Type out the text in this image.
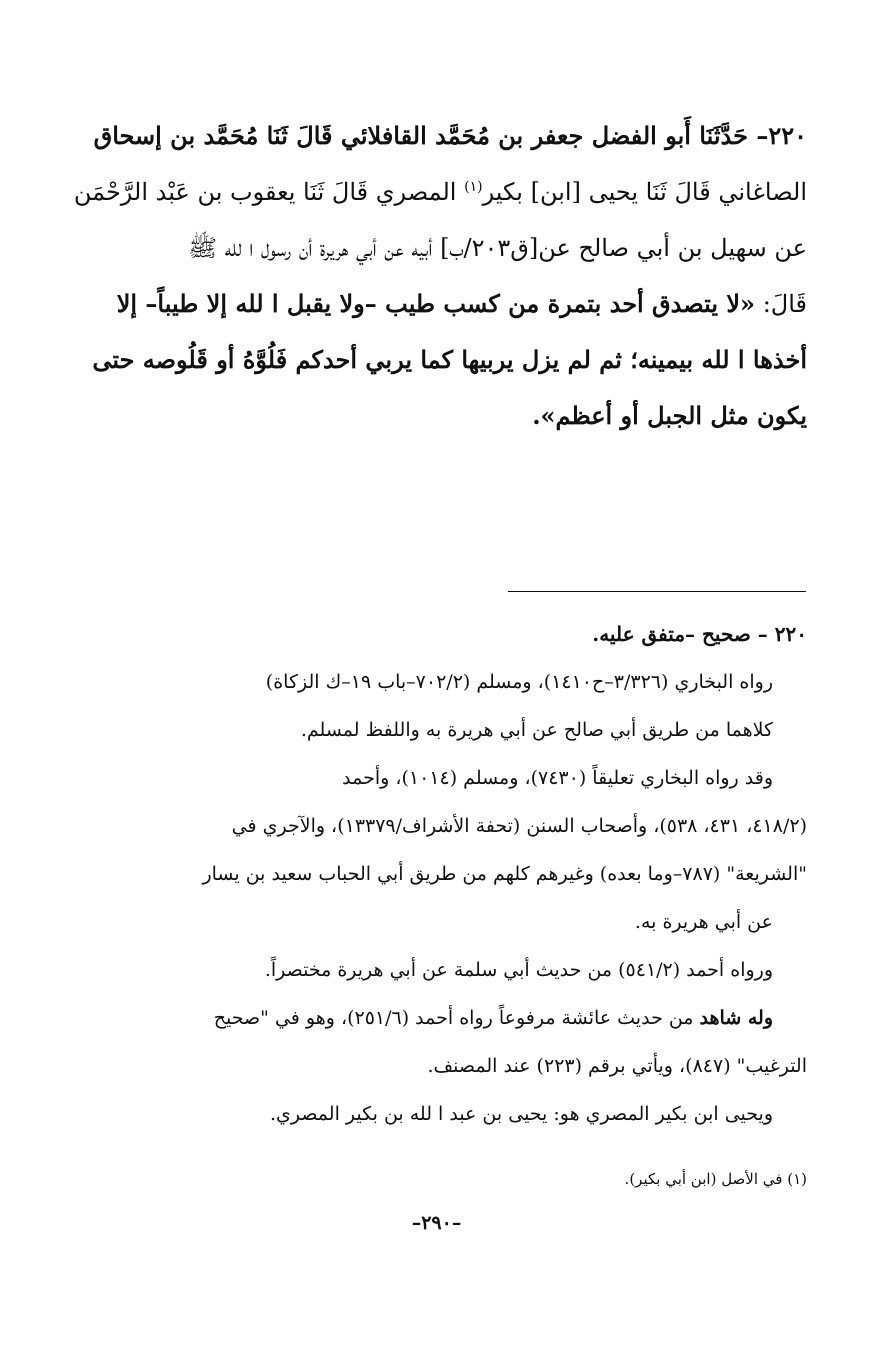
٢٢٠– حَدَّثَنَا أَبو الفضل جعفر بن مُحَمَّد القافلائي قَالَ ثَنَا مُحَمَّد بن إسحاق
الصاغاني قَالَ ثَنَا يحيى [ابن] بكير$^{(١)}$ المصري قَالَ ثَنَا يعقوب بن عَبْد الرَّحْمَن
عن سهيل بن أبي صالح عن[ق٢٠٣/ب] أبيه عن أبي هريرة أن رسول ا لله ﷺ
قَالَ: «لا يتصدق أحد بتمرة من كسب طيب –ولا يقبل ا لله إلا طيباً– إلا
أخذها ا لله بيمينه؛ ثم لم يزل يربيها كما يربي أحدكم فَلُوَّهُ أو قَلُوصه حتى
يكون مثل الجبل أو أعظم».
٢٢٠ – صحيح –متفق عليه.
رواه البخاري (٣/٣٢٦–ح١٤١٠)، ومسلم (٧٠٢/٢–باب ١٩–ك الزكاة)
كلاهما من طريق أبي صالح عن أبي هريرة به واللفظ لمسلم.
وقد رواه البخاري تعليقاً (٧٤٣٠)، ومسلم (١٠١٤)، وأحمد
(٤١٨/٢، ٤٣١، ٥٣٨)، وأصحاب السنن (تحفة الأشراف/١٣٣٧٩)، والآجري في
"الشريعة" (٧٨٧–وما بعده) وغيرهم كلهم من طريق أبي الحباب سعيد بن يسار
عن أبي هريرة به.
ورواه أحمد (٥٤١/٢) من حديث أبي سلمة عن أبي هريرة مختصراً.
وله شاهد من حديث عائشة مرفوعاً رواه أحمد (٢٥١/٦)، وهو في "صحيح
الترغيب" (٨٤٧)، ويأتي برقم (٢٢٣) عند المصنف.
ويحيى ابن بكير المصري هو: يحيى بن عبد ا لله بن بكير المصري.
(١) في الأصل (ابن أبي بكير).
–٢٩٠–
